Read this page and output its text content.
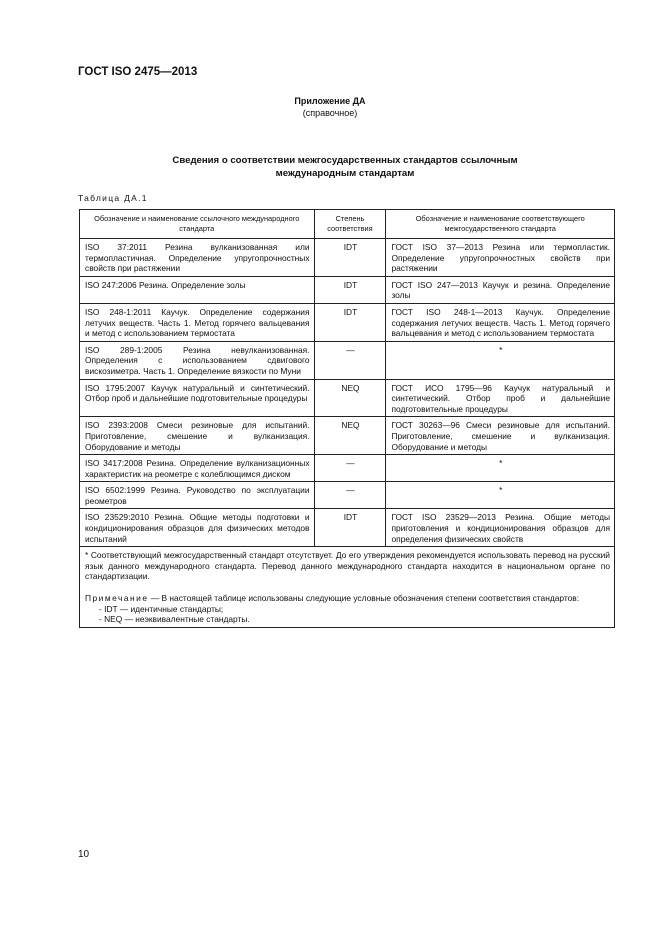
ГОСТ ISO 2475—2013
Приложение ДА
(справочное)
Сведения о соответствии межгосударственных стандартов ссылочным
международным стандартам
Таблица ДА.1
Обозначение и наименование ссылочного международного стандарта	Степень соответствия	Обозначение и наименование соответствующего межгосударственного стандарта
ISO 37:2011 Резина вулканизованная или термопластичная. Определение упругопрочностных свойств при растяжении	IDT	ГОСТ ISO 37—2013 Резина или термопластик. Определение упругопрочностных свойств при растяжении
ISO 247:2006 Резина. Определение золы	IDT	ГОСТ ISO 247—2013 Каучук и резина. Определение золы
ISO 248-1:2011 Каучук. Определение содержания летучих веществ. Часть 1. Метод горячего вальцевания и метод с использованием термостата	IDT	ГОСТ ISO 248-1—2013 Каучук. Определение содержания летучих веществ. Часть 1. Метод горячего вальцевания и метод с использованием термостата
ISO 289-1:2005 Резина невулканизованная. Определения с использованием сдвигового вискозиметра. Часть 1. Определение вязкости по Муни	—	*
ISO 1795:2007 Каучук натуральный и синтетический. Отбор проб и дальнейшие подготовительные процедуры	NEQ	ГОСТ ИСО 1795—96 Каучук натуральный и синтетический. Отбор проб и дальнейшие подготовительные процедуры
ISO 2393:2008 Смеси резиновые для испытаний. Приготовление, смешение и вулканизация. Оборудование и методы	NEQ	ГОСТ 30263—96 Смеси резиновые для испытаний. Приготовление, смешение и вулканизация. Оборудование и методы
ISO 3417:2008 Резина. Определение вулканизационных характеристик на реометре с колеблющимся диском	—	*
ISO 6502:1999 Резина. Руководство по эксплуатации реометров	—	*
ISO 23529:2010 Резина. Общие методы подготовки и кондиционирования образцов для физических методов испытаний	IDT	ГОСТ ISO 23529—2013 Резина. Общие методы приготовления и кондиционирования образцов для определения физических свойств

* Соответствующий межгосударственный стандарт отсутствует. До его утверждения рекомендуется использовать перевод на русский язык данного международного стандарта. Перевод данного международного стандарта находится в национальном органе по стандартизации.

Примечание — В настоящей таблице использованы следующие условные обозначения степени соответствия стандартов:

- IDT — идентичные стандарты;

- NEQ — неэквивалентные стандарты.		

10
